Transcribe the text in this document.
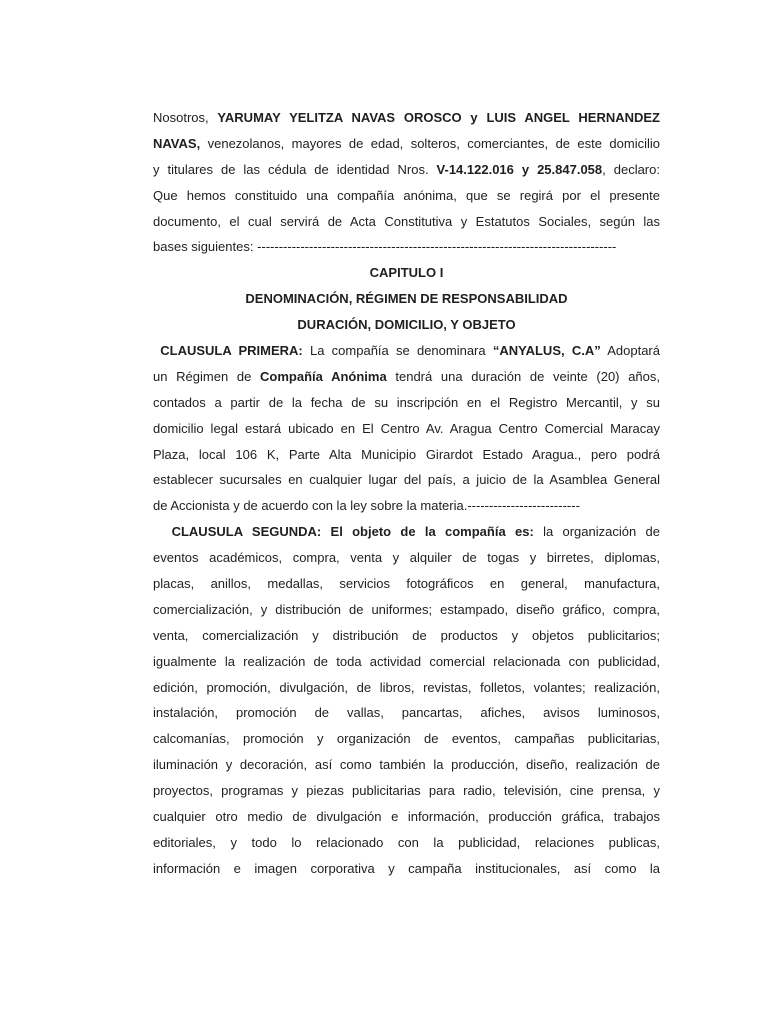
Nosotros, YARUMAY YELITZA NAVAS OROSCO y LUIS ANGEL HERNANDEZ
NAVAS, venezolanos, mayores de edad, solteros, comerciantes, de este domicilio
y titulares de las cédula de identidad Nros. V-14.122.016 y 25.847.058, declaro:
Que hemos constituido una compañía anónima, que se regirá por el presente
documento, el cual servirá de Acta Constitutiva y Estatutos Sociales, según las
bases siguientes: -----------------------------------------------------------------------------------
CAPITULO I
DENOMINACIÓN, RÉGIMEN DE RESPONSABILIDAD
DURACIÓN, DOMICILIO, Y OBJETO
CLAUSULA PRIMERA: La compañía se denominara “ANYALUS, C.A” Adoptará
un Régimen de Compañía Anónima tendrá una duración de veinte (20) años,
contados a partir de la fecha de su inscripción en el Registro Mercantil, y su
domicilio legal estará ubicado en El Centro Av. Aragua Centro Comercial Maracay
Plaza, local 106 K, Parte Alta Municipio Girardot Estado Aragua., pero podrá
establecer sucursales en cualquier lugar del país, a juicio de la Asamblea General
de Accionista y de acuerdo con la ley sobre la materia.--------------------------
CLAUSULA SEGUNDA: El objeto de la compañía es: la organización de
eventos académicos, compra, venta y alquiler de togas y birretes, diplomas,
placas, anillos, medallas, servicios fotográficos en general, manufactura,
comercialización, y distribución de uniformes; estampado, diseño gráfico, compra,
venta, comercialización y distribución de productos y objetos publicitarios;
igualmente la realización de toda actividad comercial relacionada con publicidad,
edición, promoción, divulgación, de libros, revistas, folletos, volantes; realización,
instalación, promoción de vallas, pancartas, afiches, avisos luminosos,
calcomanías, promoción y organización de eventos, campañas publicitarias,
iluminación y decoración, así como también la producción, diseño, realización de
proyectos, programas y piezas publicitarias para radio, televisión, cine prensa, y
cualquier otro medio de divulgación e información, producción gráfica, trabajos
editoriales, y todo lo relacionado con la publicidad, relaciones publicas,
información e imagen corporativa y campaña institucionales, así como la
